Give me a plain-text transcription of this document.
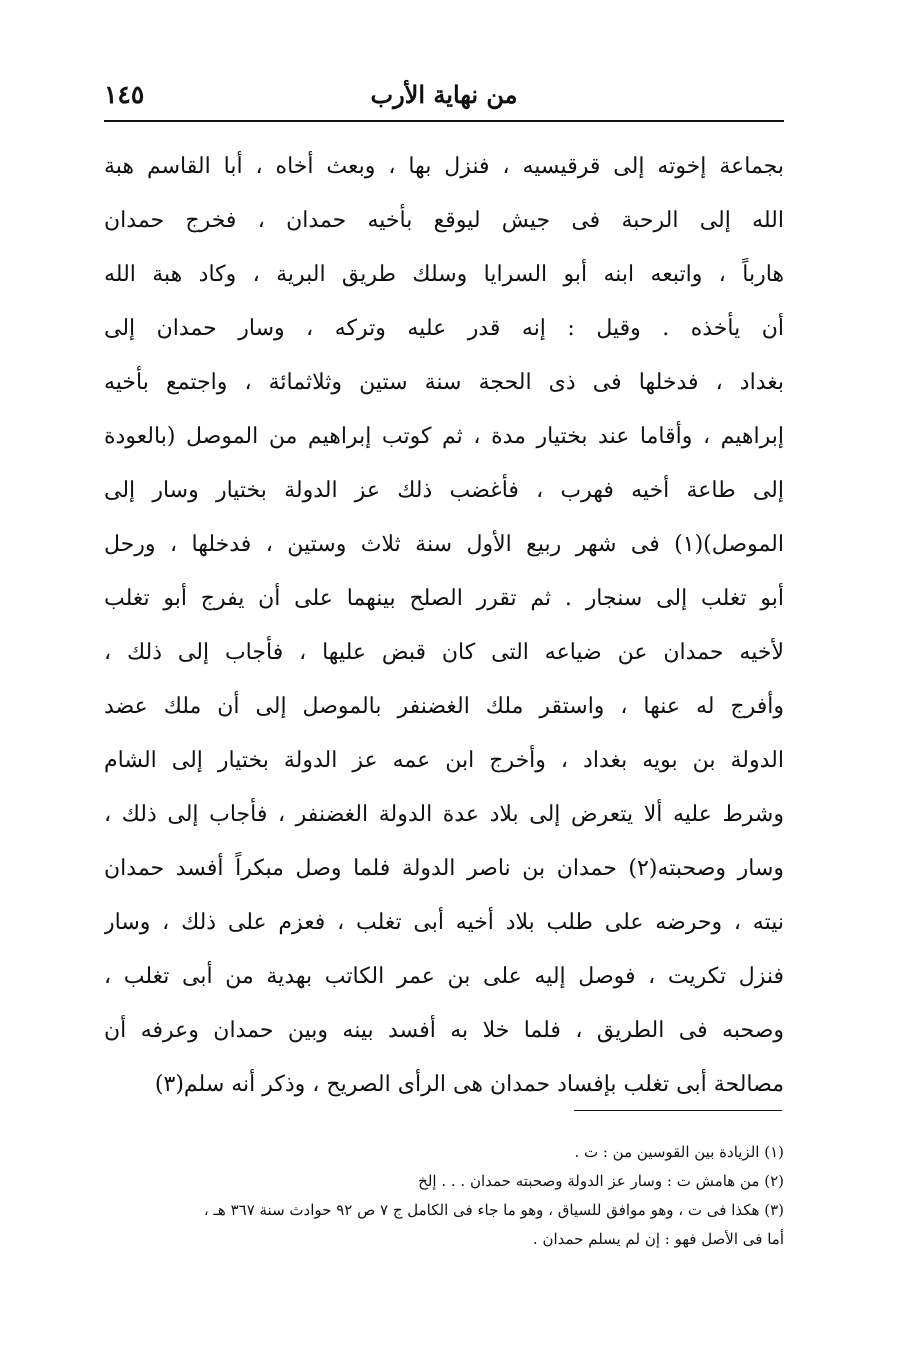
من نهاية الأرب
١٤٥
بجماعة إخوته إلى قرقيسيه ، فنزل بها ، وبعث أخاه ، أبا القاسم هبة
الله إلى الرحبة فى جيش ليوقع بأخيه حمدان ، فخرج حمدان
هارباً ، واتبعه ابنه أبو السرايا وسلك طريق البرية ، وكاد هبة الله
أن يأخذه . وقيل : إنه قدر عليه وتركه ، وسار حمدان إلى
بغداد ، فدخلها فى ذى الحجة سنة ستين وثلاثمائة ، واجتمع بأخيه
إبراهيم ، وأقاما عند بختيار مدة ، ثم كوتب إبراهيم من الموصل (بالعودة
إلى طاعة أخيه فهرب ، فأغضب ذلك عز الدولة بختيار وسار إلى
الموصل)(١) فى شهر ربيع الأول سنة ثلاث وستين ، فدخلها ، ورحل
أبو تغلب إلى سنجار . ثم تقرر الصلح بينهما على أن يفرج أبو تغلب
لأخيه حمدان عن ضياعه التى كان قبض عليها ، فأجاب إلى ذلك ،
وأفرج له عنها ، واستقر ملك الغضنفر بالموصل إلى أن ملك عضد
الدولة بن بويه بغداد ، وأخرج ابن عمه عز الدولة بختيار إلى الشام
وشرط عليه ألا يتعرض إلى بلاد عدة الدولة الغضنفر ، فأجاب إلى ذلك ،
وسار وصحبته(٢) حمدان بن ناصر الدولة فلما وصل مبكراً أفسد حمدان
نيته ، وحرضه على طلب بلاد أخيه أبى تغلب ، فعزم على ذلك ، وسار
فنزل تكريت ، فوصل إليه على بن عمر الكاتب بهدية من أبى تغلب ،
وصحبه فى الطريق ، فلما خلا به أفسد بينه وبين حمدان وعرفه أن
مصالحة أبى تغلب بإفساد حمدان هى الرأى الصريح ، وذكر أنه سلم(٣)
(١) الزيادة بين القوسين من : ت .
(٢) من هامش ت : وسار عز الدولة وصحبته حمدان . . . إلخ
(٣) هكذا فى ت ، وهو موافق للسياق ، وهو ما جاء فى الكامل ج ٧ ص ٩٢ حوادث سنة ٣٦٧ هـ ،
أما فى الأصل فهو : إن لم يسلم حمدان .
